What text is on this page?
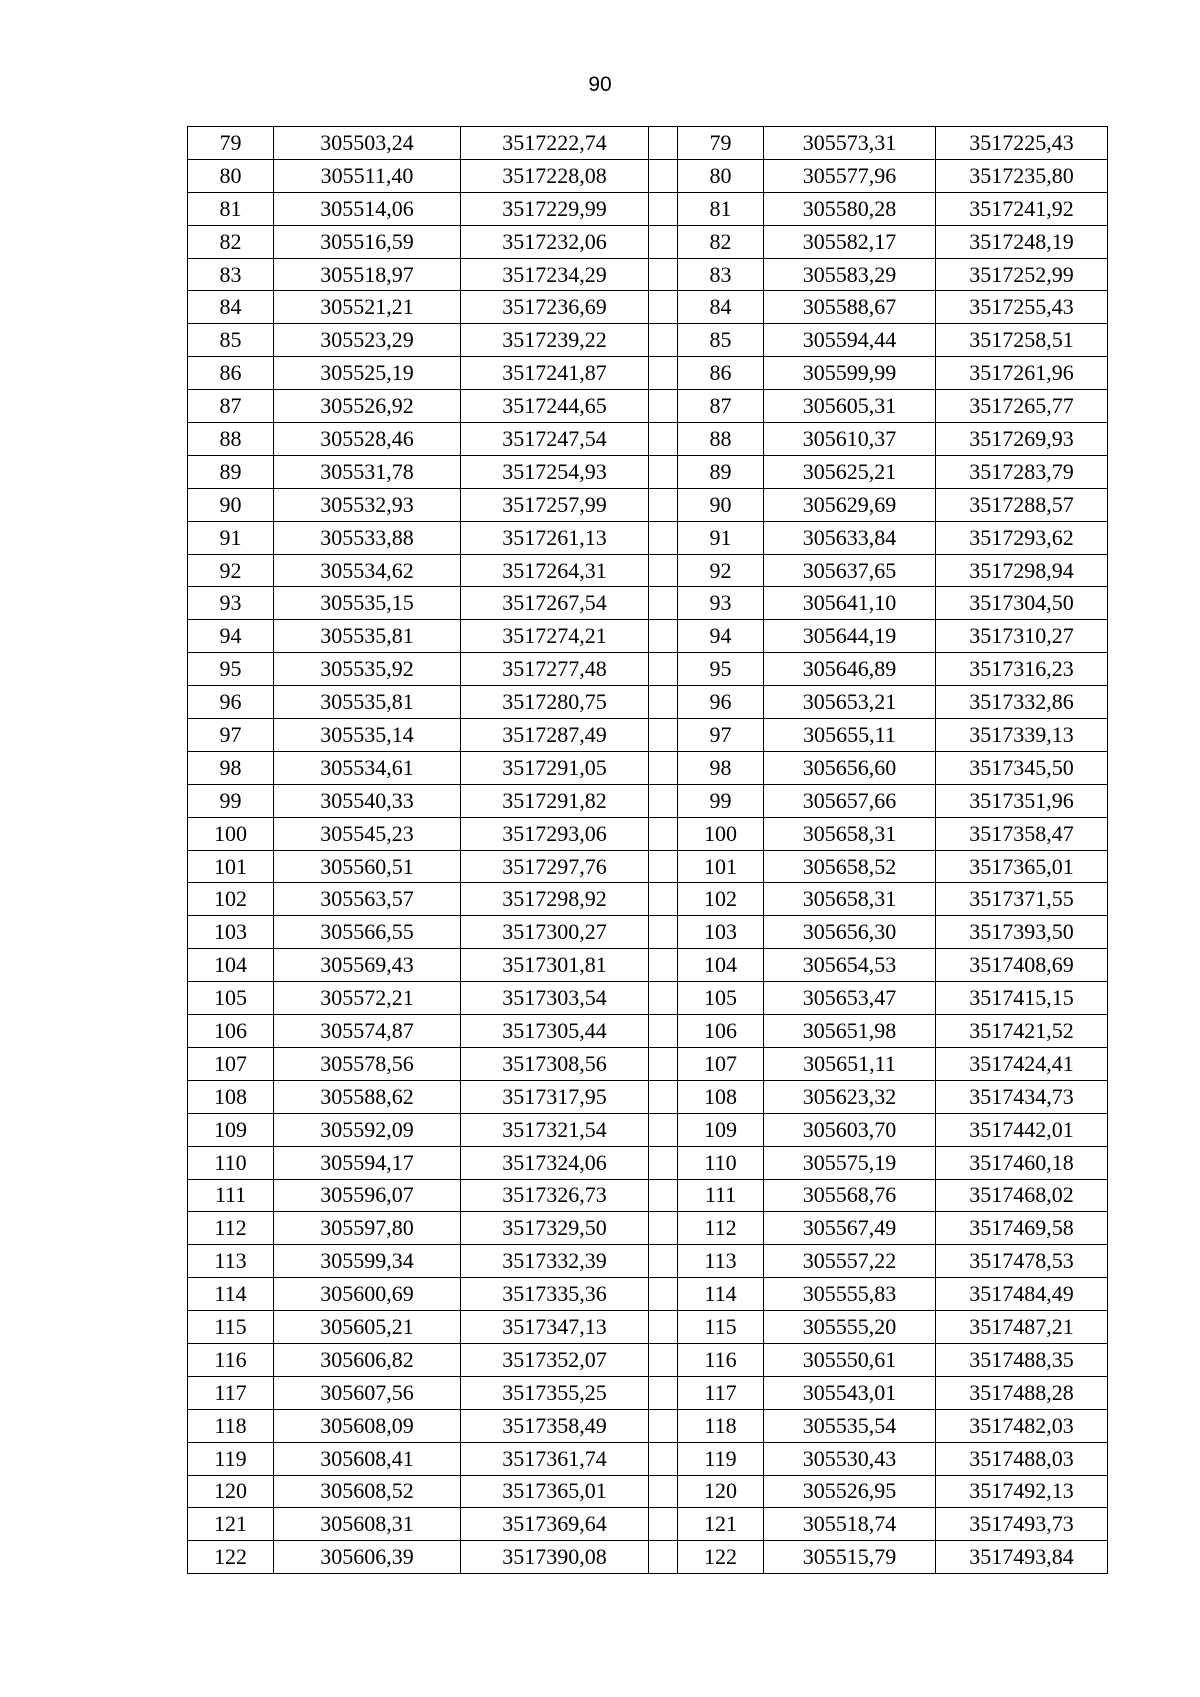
90
79	305503,24	3517222,74		79	305573,31	3517225,43
80	305511,40	3517228,08		80	305577,96	3517235,80
81	305514,06	3517229,99		81	305580,28	3517241,92
82	305516,59	3517232,06		82	305582,17	3517248,19
83	305518,97	3517234,29		83	305583,29	3517252,99
84	305521,21	3517236,69		84	305588,67	3517255,43
85	305523,29	3517239,22		85	305594,44	3517258,51
86	305525,19	3517241,87		86	305599,99	3517261,96
87	305526,92	3517244,65		87	305605,31	3517265,77
88	305528,46	3517247,54		88	305610,37	3517269,93
89	305531,78	3517254,93		89	305625,21	3517283,79
90	305532,93	3517257,99		90	305629,69	3517288,57
91	305533,88	3517261,13		91	305633,84	3517293,62
92	305534,62	3517264,31		92	305637,65	3517298,94
93	305535,15	3517267,54		93	305641,10	3517304,50
94	305535,81	3517274,21		94	305644,19	3517310,27
95	305535,92	3517277,48		95	305646,89	3517316,23
96	305535,81	3517280,75		96	305653,21	3517332,86
97	305535,14	3517287,49		97	305655,11	3517339,13
98	305534,61	3517291,05		98	305656,60	3517345,50
99	305540,33	3517291,82		99	305657,66	3517351,96
100	305545,23	3517293,06		100	305658,31	3517358,47
101	305560,51	3517297,76		101	305658,52	3517365,01
102	305563,57	3517298,92		102	305658,31	3517371,55
103	305566,55	3517300,27		103	305656,30	3517393,50
104	305569,43	3517301,81		104	305654,53	3517408,69
105	305572,21	3517303,54		105	305653,47	3517415,15
106	305574,87	3517305,44		106	305651,98	3517421,52
107	305578,56	3517308,56		107	305651,11	3517424,41
108	305588,62	3517317,95		108	305623,32	3517434,73
109	305592,09	3517321,54		109	305603,70	3517442,01
110	305594,17	3517324,06		110	305575,19	3517460,18
111	305596,07	3517326,73		111	305568,76	3517468,02
112	305597,80	3517329,50		112	305567,49	3517469,58
113	305599,34	3517332,39		113	305557,22	3517478,53
114	305600,69	3517335,36		114	305555,83	3517484,49
115	305605,21	3517347,13		115	305555,20	3517487,21
116	305606,82	3517352,07		116	305550,61	3517488,35
117	305607,56	3517355,25		117	305543,01	3517488,28
118	305608,09	3517358,49		118	305535,54	3517482,03
119	305608,41	3517361,74		119	305530,43	3517488,03
120	305608,52	3517365,01		120	305526,95	3517492,13
121	305608,31	3517369,64		121	305518,74	3517493,73
122	305606,39	3517390,08		122	305515,79	3517493,84
